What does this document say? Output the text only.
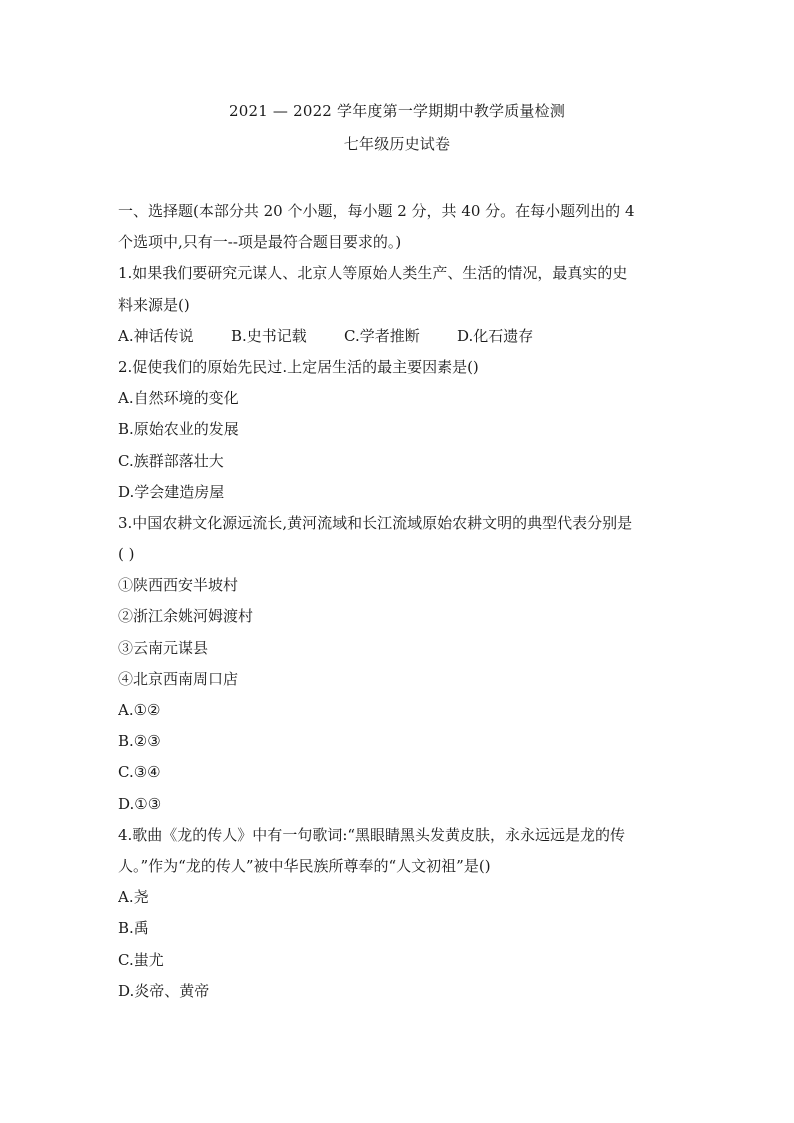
2021 — 2022 学年度第一学期期中教学质量检测
七年级历史试卷
一、选择题(本部分共 20 个小题，每小题 2 分，共 40 分。在每小题列出的 4
个选项中,只有一--项是最符合题目要求的。)
1.如果我们要研究元谋人、北京人等原始人类生产、生活的情况，最真实的史
料来源是()
A.神话传说	B.史书记载	C.学者推断	D.化石遗存
2.促使我们的原始先民过.上定居生活的最主要因素是()
A.自然环境的变化
B.原始农业的发展
C.族群部落壮大
D.学会建造房屋
3.中国农耕文化源远流长,黄河流域和长江流域原始农耕文明的典型代表分别是
( )
①陕西西安半坡村
②浙江余姚河姆渡村
③云南元谋县
④北京西南周口店
A.①②
B.②③
C.③④
D.①③
4.歌曲《龙的传人》中有一句歌词:“黑眼睛黑头发黄皮肤，永永远远是龙的传
人。”作为“龙的传人”被中华民族所尊奉的“人文初祖”是()
A.尧
B.禹
C.蚩尤
D.炎帝、黄帝
